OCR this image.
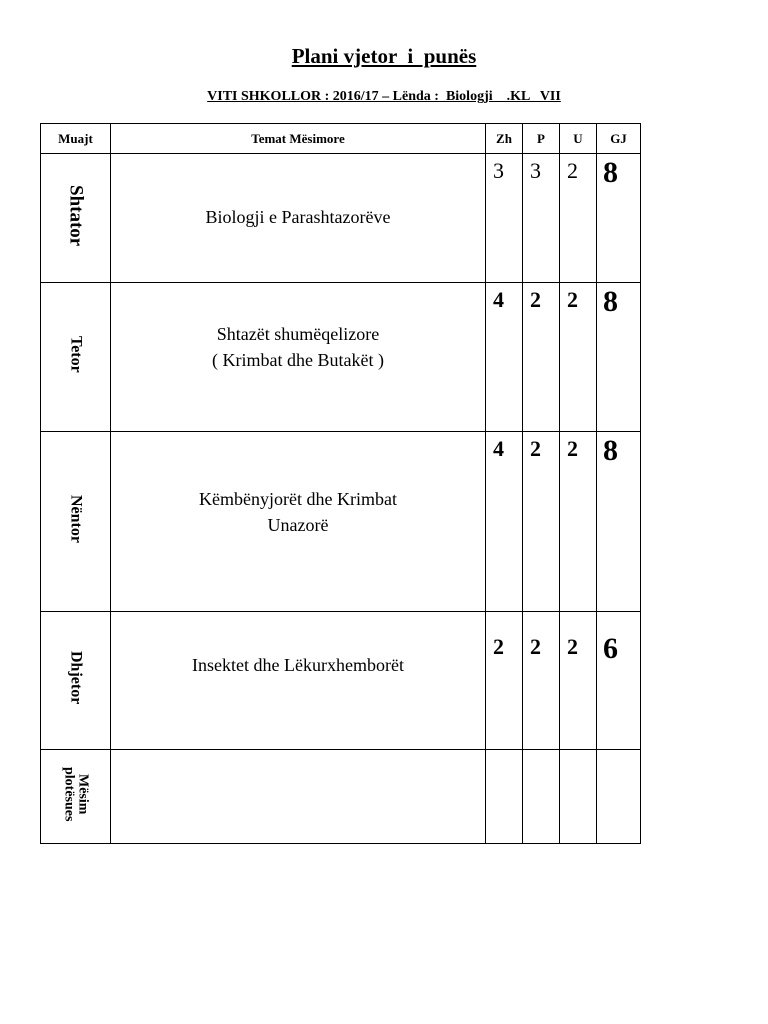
Plani vjetor  i  punës
VITI SHKOLLOR : 2016/17 – Lënda :  Biologji    .KL   VII
Muajt	Temat Mësimore	Zh	P	U	GJ
Shtator	Biologji e Parashtazorëve	3	3	2	8

Tetor	Shtazët shumëqelizore
( Krimbat dhe Butakët )	4	2	2	8

Nëntor	Këmbënyjorët dhe Krimbat
Unazorë	4	2	2	8

Dhjetor	Insektet dhe Lëkurxhemborët	2	2	2	6

Mësim
plotësues					
